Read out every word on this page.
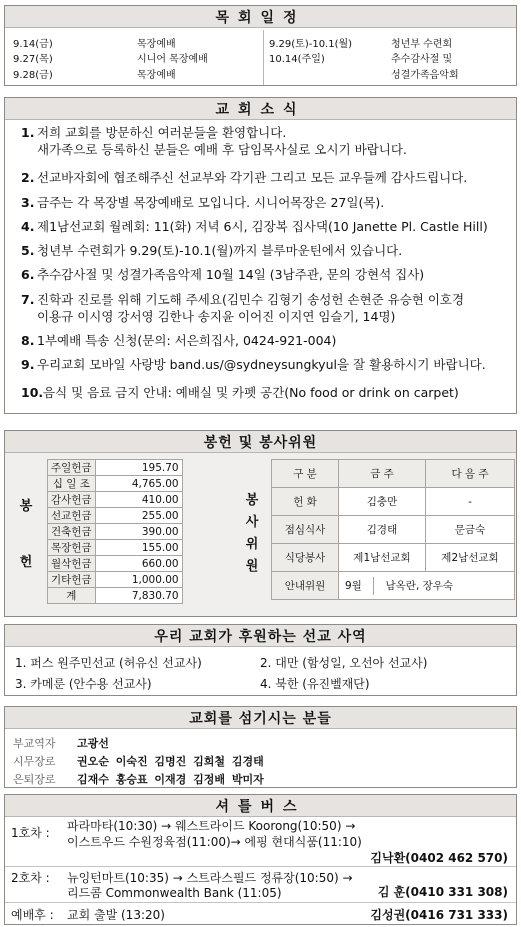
목회일정
9.14(금)	목장예배
9.27(목)	시니어 목장예배
9.28(금)	목장예배
9.29(토)-10.1(월)	청년부 수련회
10.14(주일)	추수감사절 및
성결가족음악회
교회소식
1. 저희 교회를 방문하신 여러분들을 환영합니다.
새가족으로 등록하신 분들은 예배 후 담임목사실로 오시기 바랍니다.
2. 선교바자회에 협조해주신 선교부와 각기관 그리고 모든 교우들께 감사드립니다.
3. 금주는 각 목장별 목장예배로 모입니다. 시니어목장은 27일(목).
4. 제1남선교회 월례회: 11(화) 저녁 6시, 김장복 집사댁(10 Janette Pl. Castle Hill)
5. 청년부 수련회가 9.29(토)-10.1(월)까지 블루마운틴에서 있습니다.
6. 추수감사절 및 성결가족음악제 10월 14일 (3남주관, 문의 강현석 집사)
7. 진학과 진로를 위해 기도해 주세요(김민수 김형기 송성헌 손현준 유승현 이호경
이용규 이시영 강서영 김한나 송지윤 이어진 이지연 임슬기, 14명)
8. 1부예배 특송 신청(문의: 서은희집사, 0424-921-004)
9. 우리교회 모바일 사랑방 band.us/@sydneysungkyul을 잘 활용하시기 바랍니다.
10.음식 및 음료 금지 안내: 예배실 및 카펫 공간(No food or drink on carpet)
봉헌 및 봉사위원
봉
헌
주일헌금	195.70
십 일 조	4,765.00
감사헌금	410.00
선교헌금	255.00
건축헌금	390.00
목장헌금	155.00
월삭헌금	660.00
기타헌금	1,000.00
계	7,830.70
봉
사
위
원
구 분	금 주	다 음 주
헌 화	김충만	-
점심식사	김경태	문금숙
식당봉사	제1남선교회	제2남선교회
안내위원	9월 남옥란, 장우숙	
우리 교회가 후원하는 선교 사역
1. 퍼스 원주민선교 (허유신 선교사)	2. 대만 (함성일, 오선아 선교사)
3. 카메룬 (안수용 선교사)	4. 북한 (유진벨재단)
교회를 섬기시는 분들
부교역자 고광선
시무장로 권오순 이숙진 김명진 김희철 김경태
은퇴장로 김재수 홍승표 이재경 김정배 박미자
셔틀버스
1호차 : 파라마타(10:30) → 웨스트라이드 Koorong(10:50) →
이스트우드 수원정육점(11:00)→ 에핑 현대식품(11:10)
김낙환(0402 462 570)
2호차 : 뉴잉턴마트(10:35) → 스트라스필드 정류장(10:50) →
리드콤 Commonwealth Bank (11:05)	김 훈(0410 331 308)
예배후 : 교회 출발 (13:20)	김성권(0416 731 333)
